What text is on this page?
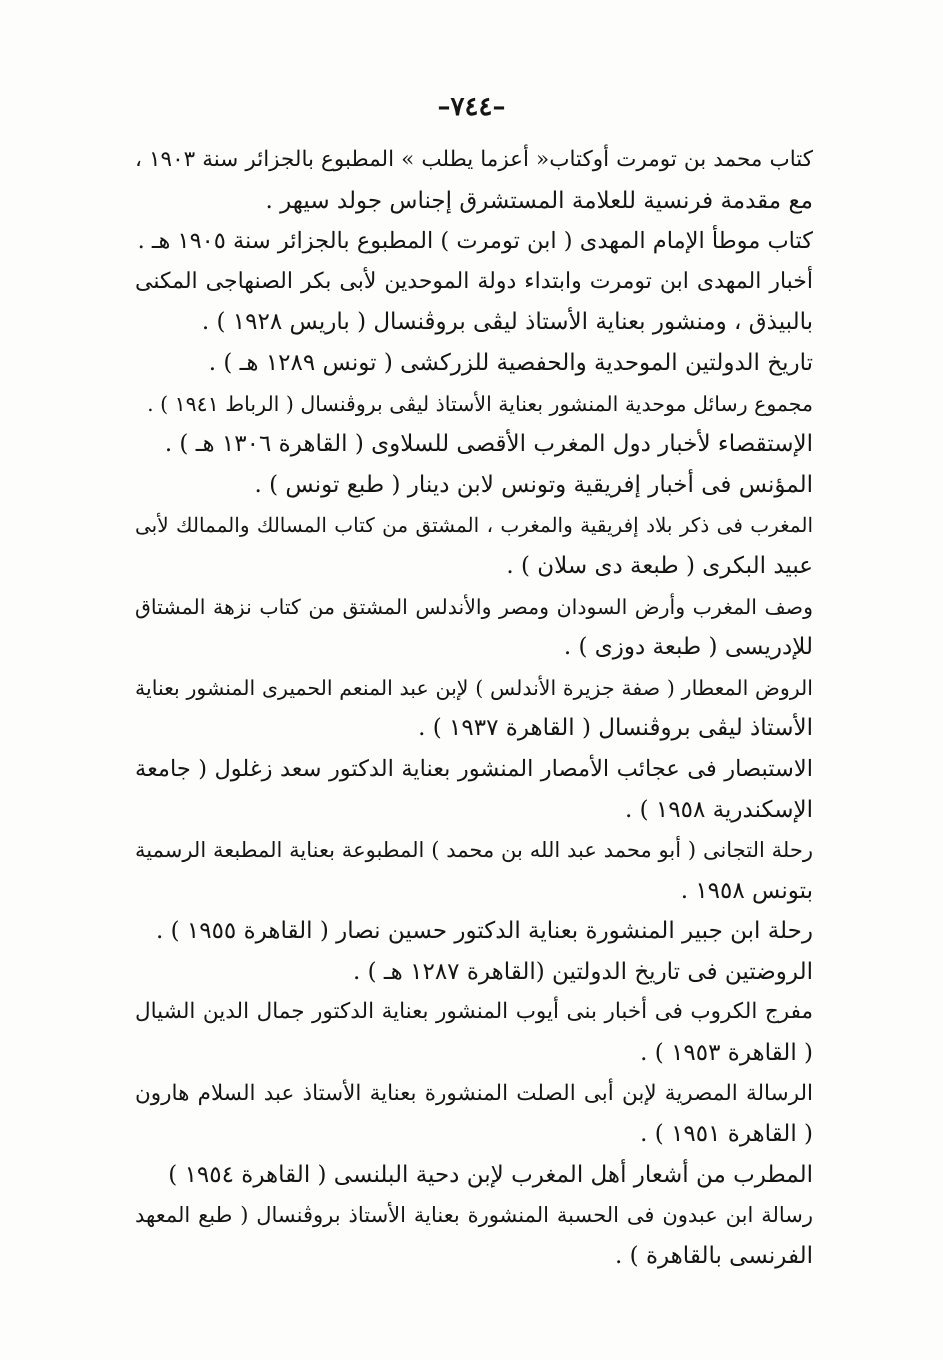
–٧٤٤–
كتاب محمد بن تومرت أوكتاب« أعزما يطلب » المطبوع بالجزائر سنة ١٩٠٣ ،
مع مقدمة فرنسية للعلامة المستشرق إجناس جولد سيهر .
كتاب موطأ الإمام المهدى ( ابن تومرت ) المطبوع بالجزائر سنة ١٩٠٥ هـ .
أخبار المهدى ابن تومرت وابتداء دولة الموحدين لأبى بكر الصنهاجى المكنى
بالبيذق ، ومنشور بعناية الأستاذ ليڤى بروڤنسال ( باريس ١٩٢٨ ) .
تاريخ الدولتين الموحدية والحفصية للزركشى ( تونس ١٢٨٩ هـ ) .
مجموع رسائل موحدية المنشور بعناية الأستاذ ليڤى بروڤنسال ( الرباط ١٩٤١ ) .
الإستقصاء لأخبار دول المغرب الأقصى للسلاوى ( القاهرة ١٣٠٦ هـ ) .
المؤنس فى أخبار إفريقية وتونس لابن دينار ( طبع تونس ) .
المغرب فى ذكر بلاد إفريقية والمغرب ، المشتق من كتاب المسالك والممالك لأبى
عبيد البكرى ( طبعة دى سلان ) .
وصف المغرب وأرض السودان ومصر والأندلس المشتق من كتاب نزهة المشتاق
للإدريسى ( طبعة دوزى ) .
الروض المعطار ( صفة جزيرة الأندلس ) لإبن عبد المنعم الحميرى المنشور بعناية
الأستاذ ليڤى بروڤنسال ( القاهرة ١٩٣٧ ) .
الاستبصار فى عجائب الأمصار المنشور بعناية الدكتور سعد زغلول ( جامعة
الإسكندرية ١٩٥٨ ) .
رحلة التجانى ( أبو محمد عبد الله بن محمد ) المطبوعة بعناية المطبعة الرسمية
بتونس ١٩٥٨ .
رحلة ابن جبير المنشورة بعناية الدكتور حسين نصار ( القاهرة ١٩٥٥ ) .
الروضتين فى تاريخ الدولتين (القاهرة ١٢٨٧ هـ ) .
مفرج الكروب فى أخبار بنى أيوب المنشور بعناية الدكتور جمال الدين الشيال
( القاهرة ١٩٥٣ ) .
الرسالة المصرية لإبن أبى الصلت المنشورة بعناية الأستاذ عبد السلام هارون
( القاهرة ١٩٥١ ) .
المطرب من أشعار أهل المغرب لإبن دحية البلنسى ( القاهرة ١٩٥٤ )
رسالة ابن عبدون فى الحسبة المنشورة بعناية الأستاذ بروڤنسال ( طبع المعهد
الفرنسى بالقاهرة ) .
